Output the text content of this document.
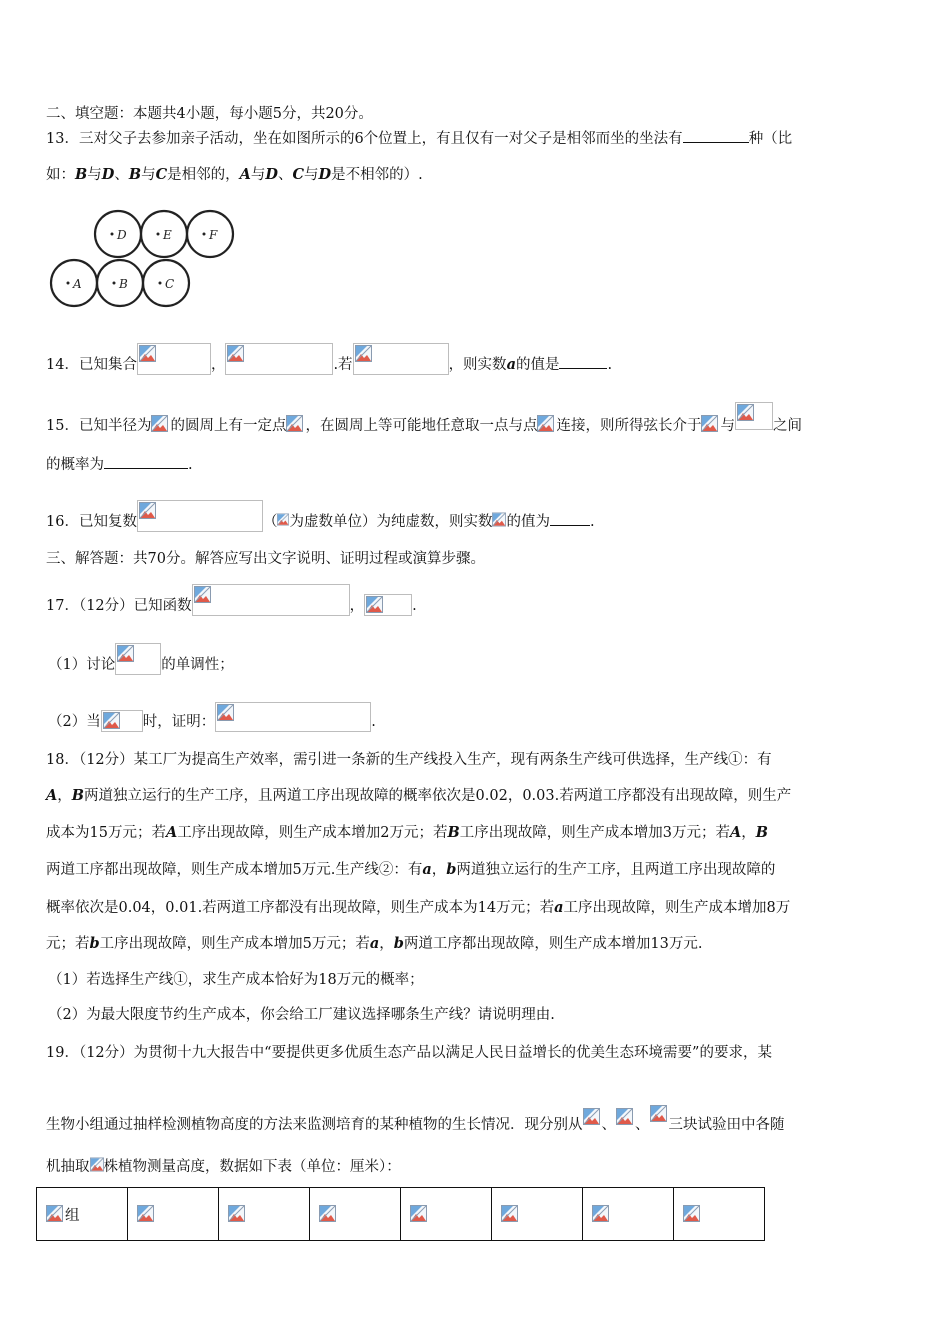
二、填空题：本题共4小题，每小题5分，共20分。
13．三对父子去参加亲子活动，坐在如图所示的6个位置上，有且仅有一对父子是相邻而坐的坐法有	种（比
如：B与D、B与C是相邻的，A与D、C与D是不相邻的）.
D	E	F
A	B	C
14．已知集合	，	.若	，则实数a的值是	.
15．已知半径为 的圆周上有一定点 ，在圆周上等可能地任意取一点与点 连接，则所得弦长介于 与	之间
的概率为	.
16．已知复数	（ 为虚数单位）为纯虚数，则实数 的值为	.
三、解答题：共70分。解答应写出文字说明、证明过程或演算步骤。
17．（12分）已知函数	，	.
（1）讨论	的单调性；
（2）当	时，证明：	.
18．（12分）某工厂为提高生产效率，需引进一条新的生产线投入生产，现有两条生产线可供选择，生产线①：有
A，B两道独立运行的生产工序，且两道工序出现故障的概率依次是0.02，0.03.若两道工序都没有出现故障，则生产
成本为15万元；若A工序出现故障，则生产成本增加2万元；若B工序出现故障，则生产成本增加3万元；若A，B
两道工序都出现故障，则生产成本增加5万元.生产线②：有a，b两道独立运行的生产工序，且两道工序出现故障的
概率依次是0.04，0.01.若两道工序都没有出现故障，则生产成本为14万元；若a工序出现故障，则生产成本增加8万
元；若b工序出现故障，则生产成本增加5万元；若a，b两道工序都出现故障，则生产成本增加13万元.
（1）若选择生产线①，求生产成本恰好为18万元的概率；
（2）为最大限度节约生产成本，你会给工厂建议选择哪条生产线？请说明理由.
19．（12分）为贯彻十九大报告中“要提供更多优质生态产品以满足人民日益增长的优美生态环境需要”的要求，某
生物小组通过抽样检测植物高度的方法来监测培育的某种植物的生长情况．现分别从 、 、 三块试验田中各随
机抽取 株植物测量高度，数据如下表（单位：厘米）：
组	
